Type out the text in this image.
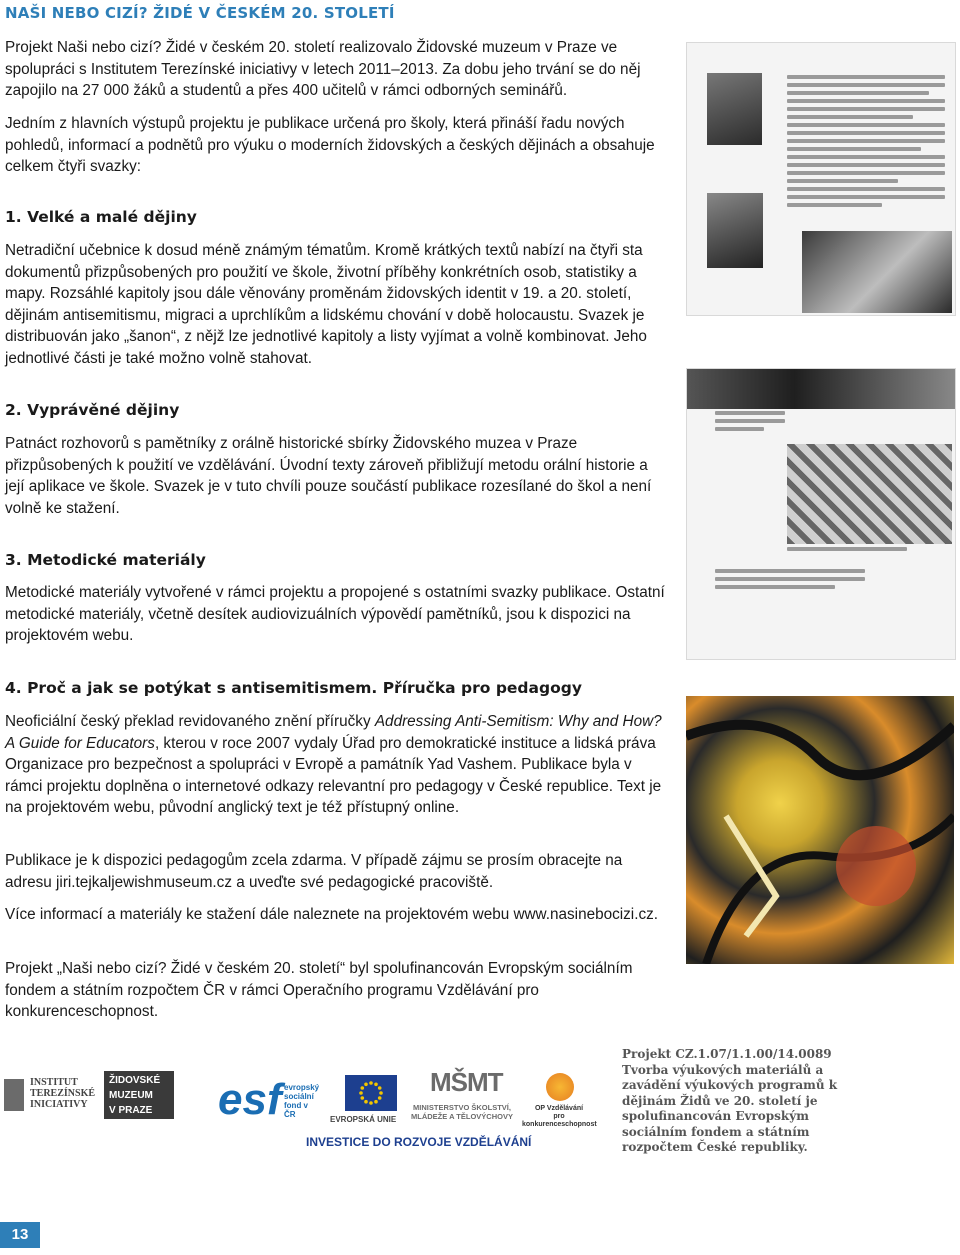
NAŠI NEBO CIZÍ? ŽIDÉ V ČESKÉM 20. STOLETÍ

Projekt Naši nebo cizí? Židé v českém 20. století realizovalo Židovské muzeum v Praze ve spolupráci s Institutem Terezínské iniciativy v letech 2011–2013. Za dobu jeho trvání se do něj zapojilo na 27 000 žáků a studentů a přes 400 učitelů v rámci odborných seminářů.

Jedním z hlavních výstupů projektu je publikace určená pro školy, která přináší řadu nových pohledů, informací a podnětů pro výuku o moderních židovských a českých dějinách a obsahuje celkem čtyři svazky:

1. Velké a malé dějiny

Netradiční učebnice k dosud méně známým tématům. Kromě krátkých textů nabízí na čtyři sta dokumentů přizpůsobených pro použití ve škole, životní příběhy konkrétních osob, statistiky a mapy. Rozsáhlé kapitoly jsou dále věnovány proměnám židovských identit v 19. a 20. století, dějinám antisemitismu, migraci a uprchlíkům a lidskému chování v době holocaustu. Svazek je distribuován jako „šanon“, z nějž lze jednotlivé kapitoly a listy vyjímat a volně kombinovat. Jeho jednotlivé části je také možno volně stahovat.

2. Vyprávěné dějiny

Patnáct rozhovorů s pamětníky z orálně historické sbírky Židovského muzea v Praze přizpůsobených k použití ve vzdělávání. Úvodní texty zároveň přibližují metodu orální historie a její aplikace ve škole. Svazek je v tuto chvíli pouze součástí publikace rozesílané do škol a není volně ke stažení.

3. Metodické materiály

Metodické materiály vytvořené v rámci projektu a propojené s ostatními svazky publikace. Ostatní metodické materiály, včetně desítek audiovizuálních výpovědí pamětníků, jsou k dispozici na projektovém webu.

4. Proč a jak se potýkat s antisemitismem. Příručka pro pedagogy

Neoficiální český překlad revidovaného znění příručky Addressing Anti-Semitism: Why and How? A Guide for Educators, kterou v roce 2007 vydaly Úřad pro demokratické instituce a lidská práva Organizace pro bezpečnost a spolupráci v Evropě a památník Yad Vashem. Publikace byla v rámci projektu doplněna o internetové odkazy relevantní pro pedagogy v České republice. Text je na projektovém webu, původní anglický text je též přístupný online.

Publikace je k dispozici pedagogům zcela zdarma. V případě zájmu se prosím obracejte na adresu jiri.tejkaljewishmuseum.cz a uveďte své pedagogické pracoviště.

Více informací a materiály ke stažení dále naleznete na projektovém webu www.nasinebocizi.cz.

Projekt „Naši nebo cizí? Židé v českém 20. století“ byl spolufinancován Evropským sociálním fondem a státním rozpočtem ČR v rámci Operačního programu Vzdělávání pro konkurenceschopnost.

INSTITUT
TEREZÍNSKÉ
INICIATIVY
ŽIDOVSKÉ
MUZEUM
V PRAZE	esf evropský
sociální
fond v ČR
EVROPSKÁ UNIE
MŠMT
MINISTERSTVO ŠKOLSTVÍ,
MLÁDEŽE A TĚLOVÝCHOVY
OP Vzdělávání
pro konkurenceschopnost
INVESTICE DO ROZVOJE VZDĚLÁVÁNÍ
Projekt CZ.1.07/1.1.00/14.0089 Tvorba výukových materiálů a zavádění výukových programů k dějinám Židů ve 20. století je spolufinancován Evropským sociálním fondem a státním rozpočtem České republiky.
13
